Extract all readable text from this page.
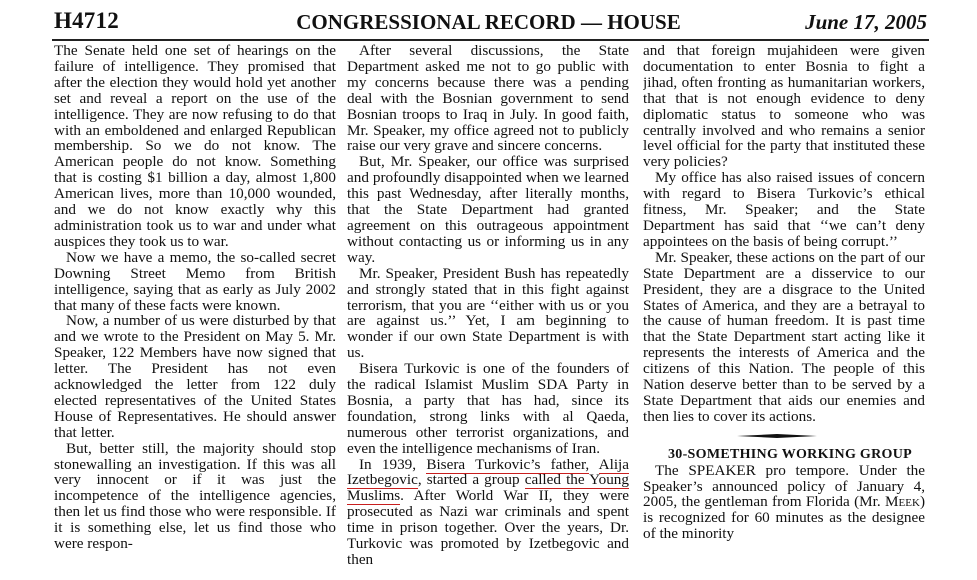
H4712	CONGRESSIONAL RECORD — HOUSE	June 17, 2005

The Senate held one set of hearings on the failure of intelligence. They promised that after the election they would hold yet another set and reveal a report on the use of the intelligence. They are now refusing to do that with an emboldened and enlarged Republican membership. So we do not know. The American people do not know. Something that is costing $1 billion a day, almost 1,800 American lives, more than 10,000 wounded, and we do not know exactly why this administration took us to war and under what auspices they took us to war.

Now we have a memo, the so-called secret Downing Street Memo from British intelligence, saying that as early as July 2002 that many of these facts were known.

Now, a number of us were disturbed by that and we wrote to the President on May 5. Mr. Speaker, 122 Members have now signed that letter. The President has not even acknowledged the letter from 122 duly elected representatives of the United States House of Representatives. He should answer that letter.

But, better still, the majority should stop stonewalling an investigation. If this was all very innocent or if it was just the incompetence of the intelligence agencies, then let us find those who were responsible. If it is something else, let us find those who were respon-

After several discussions, the State Department asked me not to go public with my concerns because there was a pending deal with the Bosnian government to send Bosnian troops to Iraq in July. In good faith, Mr. Speaker, my office agreed not to publicly raise our very grave and sincere concerns.

But, Mr. Speaker, our office was surprised and profoundly disappointed when we learned this past Wednesday, after literally months, that the State Department had granted agreement on this outrageous appointment without contacting us or informing us in any way.

Mr. Speaker, President Bush has repeatedly and strongly stated that in this fight against terrorism, that you are ‘‘either with us or you are against us.’’ Yet, I am beginning to wonder if our own State Department is with us.

Bisera Turkovic is one of the founders of the radical Islamist Muslim SDA Party in Bosnia, a party that has had, since its foundation, strong links with al Qaeda, numerous other terrorist organizations, and even the intelligence mechanisms of Iran.

In 1939, Bisera Turkovic’s father, Alija Izetbegovic, started a group called the Young Muslims. After World War II, they were prosecuted as Nazi war criminals and spent time in prison together. Over the years, Dr. Turkovic was promoted by Izetbegovic and then

and that foreign mujahideen were given documentation to enter Bosnia to fight a jihad, often fronting as humanitarian workers, that that is not enough evidence to deny diplomatic status to someone who was centrally involved and who remains a senior level official for the party that instituted these very policies?

My office has also raised issues of concern with regard to Bisera Turkovic’s ethical fitness, Mr. Speaker; and the State Department has said that ‘‘we can’t deny appointees on the basis of being corrupt.’’

Mr. Speaker, these actions on the part of our State Department are a disservice to our President, they are a disgrace to the United States of America, and they are a betrayal to the cause of human freedom. It is past time that the State Department start acting like it represents the interests of America and the citizens of this Nation. The people of this Nation deserve better than to be served by a State Department that aids our enemies and then lies to cover its actions.

30-SOMETHING WORKING GROUP

The SPEAKER pro tempore. Under the Speaker’s announced policy of January 4, 2005, the gentleman from Florida (Mr. Meek) is recognized for 60 minutes as the designee of the minority
